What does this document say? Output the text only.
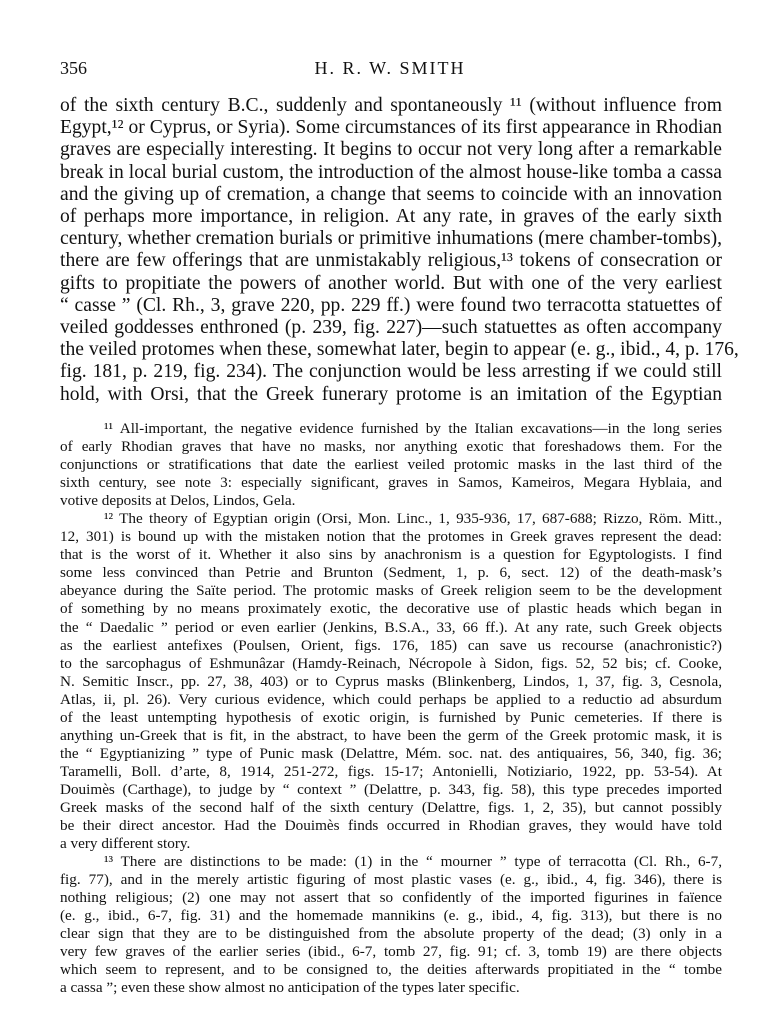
356	H. R. W. SMITH
of the sixth century B.C., suddenly and spontaneously ¹¹ (without influence from
Egypt,¹² or Cyprus, or Syria). Some circumstances of its first appearance in Rhodian
graves are especially interesting. It begins to occur not very long after a remarkable
break in local burial custom, the introduction of the almost house-like tomba a cassa
and the giving up of cremation, a change that seems to coincide with an innovation
of perhaps more importance, in religion. At any rate, in graves of the early sixth
century, whether cremation burials or primitive inhumations (mere chamber-tombs),
there are few offerings that are unmistakably religious,¹³ tokens of consecration or
gifts to propitiate the powers of another world. But with one of the very earliest
“ casse ” (Cl. Rh., 3, grave 220, pp. 229 ff.) were found two terracotta statuettes of
veiled goddesses enthroned (p. 239, fig. 227)—such statuettes as often accompany
the veiled protomes when these, somewhat later, begin to appear (e. g., ibid., 4, p. 176,
fig. 181, p. 219, fig. 234). The conjunction would be less arresting if we could still
hold, with Orsi, that the Greek funerary protome is an imitation of the Egyptian
¹¹ All-important, the negative evidence furnished by the Italian excavations—in the long series
of early Rhodian graves that have no masks, nor anything exotic that foreshadows them. For the
conjunctions or stratifications that date the earliest veiled protomic masks in the last third of the
sixth century, see note 3: especially significant, graves in Samos, Kameiros, Megara Hyblaia, and
votive deposits at Delos, Lindos, Gela.
¹² The theory of Egyptian origin (Orsi, Mon. Linc., 1, 935-936, 17, 687-688; Rizzo, Röm. Mitt.,
12, 301) is bound up with the mistaken notion that the protomes in Greek graves represent the dead:
that is the worst of it. Whether it also sins by anachronism is a question for Egyptologists. I find
some less convinced than Petrie and Brunton (Sedment, 1, p. 6, sect. 12) of the death-mask’s
abeyance during the Saïte period. The protomic masks of Greek religion seem to be the development
of something by no means proximately exotic, the decorative use of plastic heads which began in
the “ Daedalic ” period or even earlier (Jenkins, B.S.A., 33, 66 ff.). At any rate, such Greek objects
as the earliest antefixes (Poulsen, Orient, figs. 176, 185) can save us recourse (anachronistic?)
to the sarcophagus of Eshmunâzar (Hamdy-Reinach, Nécropole à Sidon, figs. 52, 52 bis; cf. Cooke,
N. Semitic Inscr., pp. 27, 38, 403) or to Cyprus masks (Blinkenberg, Lindos, 1, 37, fig. 3, Cesnola,
Atlas, ii, pl. 26). Very curious evidence, which could perhaps be applied to a reductio ad absurdum
of the least untempting hypothesis of exotic origin, is furnished by Punic cemeteries. If there is
anything un-Greek that is fit, in the abstract, to have been the germ of the Greek protomic mask, it is
the “ Egyptianizing ” type of Punic mask (Delattre, Mém. soc. nat. des antiquaires, 56, 340, fig. 36;
Taramelli, Boll. d’arte, 8, 1914, 251-272, figs. 15-17; Antonielli, Notiziario, 1922, pp. 53-54). At
Douimès (Carthage), to judge by “ context ” (Delattre, p. 343, fig. 58), this type precedes imported
Greek masks of the second half of the sixth century (Delattre, figs. 1, 2, 35), but cannot possibly
be their direct ancestor. Had the Douimès finds occurred in Rhodian graves, they would have told
a very different story.
¹³ There are distinctions to be made: (1) in the “ mourner ” type of terracotta (Cl. Rh., 6-7,
fig. 77), and in the merely artistic figuring of most plastic vases (e. g., ibid., 4, fig. 346), there is
nothing religious; (2) one may not assert that so confidently of the imported figurines in faïence
(e. g., ibid., 6-7, fig. 31) and the homemade mannikins (e. g., ibid., 4, fig. 313), but there is no
clear sign that they are to be distinguished from the absolute property of the dead; (3) only in a
very few graves of the earlier series (ibid., 6-7, tomb 27, fig. 91; cf. 3, tomb 19) are there objects
which seem to represent, and to be consigned to, the deities afterwards propitiated in the “ tombe
a cassa ”; even these show almost no anticipation of the types later specific.
